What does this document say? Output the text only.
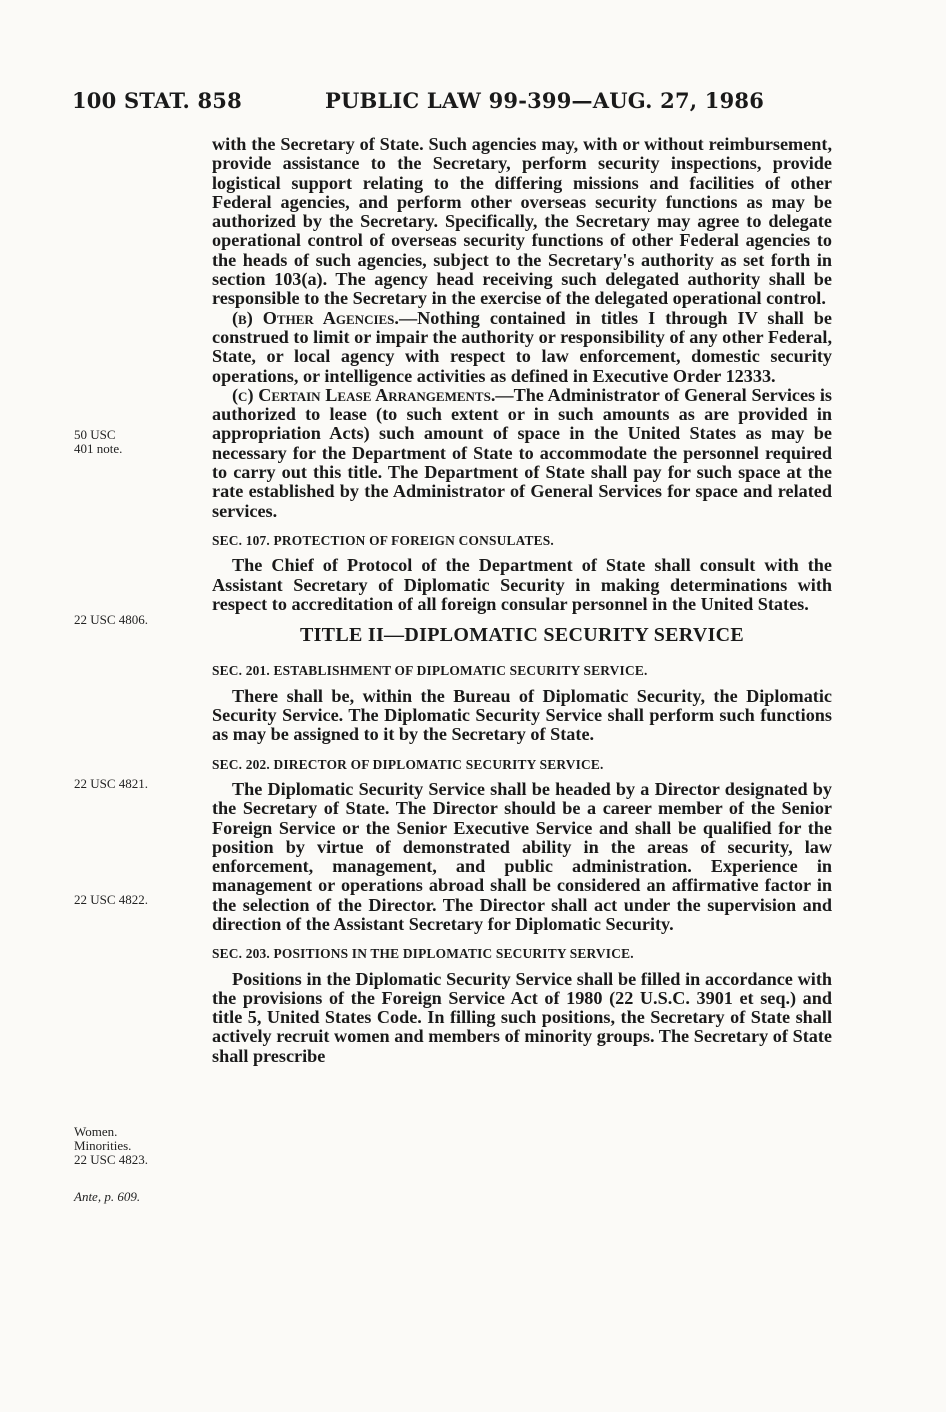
100 STAT. 858	PUBLIC LAW 99-399—AUG. 27, 1986
50 USC
401 note.
22 USC 4806.
22 USC 4821.
22 USC 4822.
Women.
Minorities.
22 USC 4823.
Ante, p. 609.

with the Secretary of State. Such agencies may, with or without reimbursement, provide assistance to the Secretary, perform security inspections, provide logistical support relating to the differing missions and facilities of other Federal agencies, and perform other overseas security functions as may be authorized by the Secretary. Specifically, the Secretary may agree to delegate operational control of overseas security functions of other Federal agencies to the heads of such agencies, subject to the Secretary's authority as set forth in section 103(a). The agency head receiving such delegated authority shall be responsible to the Secretary in the exercise of the delegated operational control.

(b) Other Agencies.—Nothing contained in titles I through IV shall be construed to limit or impair the authority or responsibility of any other Federal, State, or local agency with respect to law enforcement, domestic security operations, or intelligence activities as defined in Executive Order 12333.

(c) Certain Lease Arrangements.—The Administrator of General Services is authorized to lease (to such extent or in such amounts as are provided in appropriation Acts) such amount of space in the United States as may be necessary for the Department of State to accommodate the personnel required to carry out this title. The Department of State shall pay for such space at the rate established by the Administrator of General Services for space and related services.

SEC. 107. PROTECTION OF FOREIGN CONSULATES.

The Chief of Protocol of the Department of State shall consult with the Assistant Secretary of Diplomatic Security in making determinations with respect to accreditation of all foreign consular personnel in the United States.

TITLE II—DIPLOMATIC SECURITY SERVICE

SEC. 201. ESTABLISHMENT OF DIPLOMATIC SECURITY SERVICE.

There shall be, within the Bureau of Diplomatic Security, the Diplomatic Security Service. The Diplomatic Security Service shall perform such functions as may be assigned to it by the Secretary of State.

SEC. 202. DIRECTOR OF DIPLOMATIC SECURITY SERVICE.

The Diplomatic Security Service shall be headed by a Director designated by the Secretary of State. The Director should be a career member of the Senior Foreign Service or the Senior Executive Service and shall be qualified for the position by virtue of demonstrated ability in the areas of security, law enforcement, management, and public administration. Experience in management or operations abroad shall be considered an affirmative factor in the selection of the Director. The Director shall act under the supervision and direction of the Assistant Secretary for Diplomatic Security.

SEC. 203. POSITIONS IN THE DIPLOMATIC SECURITY SERVICE.

Positions in the Diplomatic Security Service shall be filled in accordance with the provisions of the Foreign Service Act of 1980 (22 U.S.C. 3901 et seq.) and title 5, United States Code. In filling such positions, the Secretary of State shall actively recruit women and members of minority groups. The Secretary of State shall prescribe
